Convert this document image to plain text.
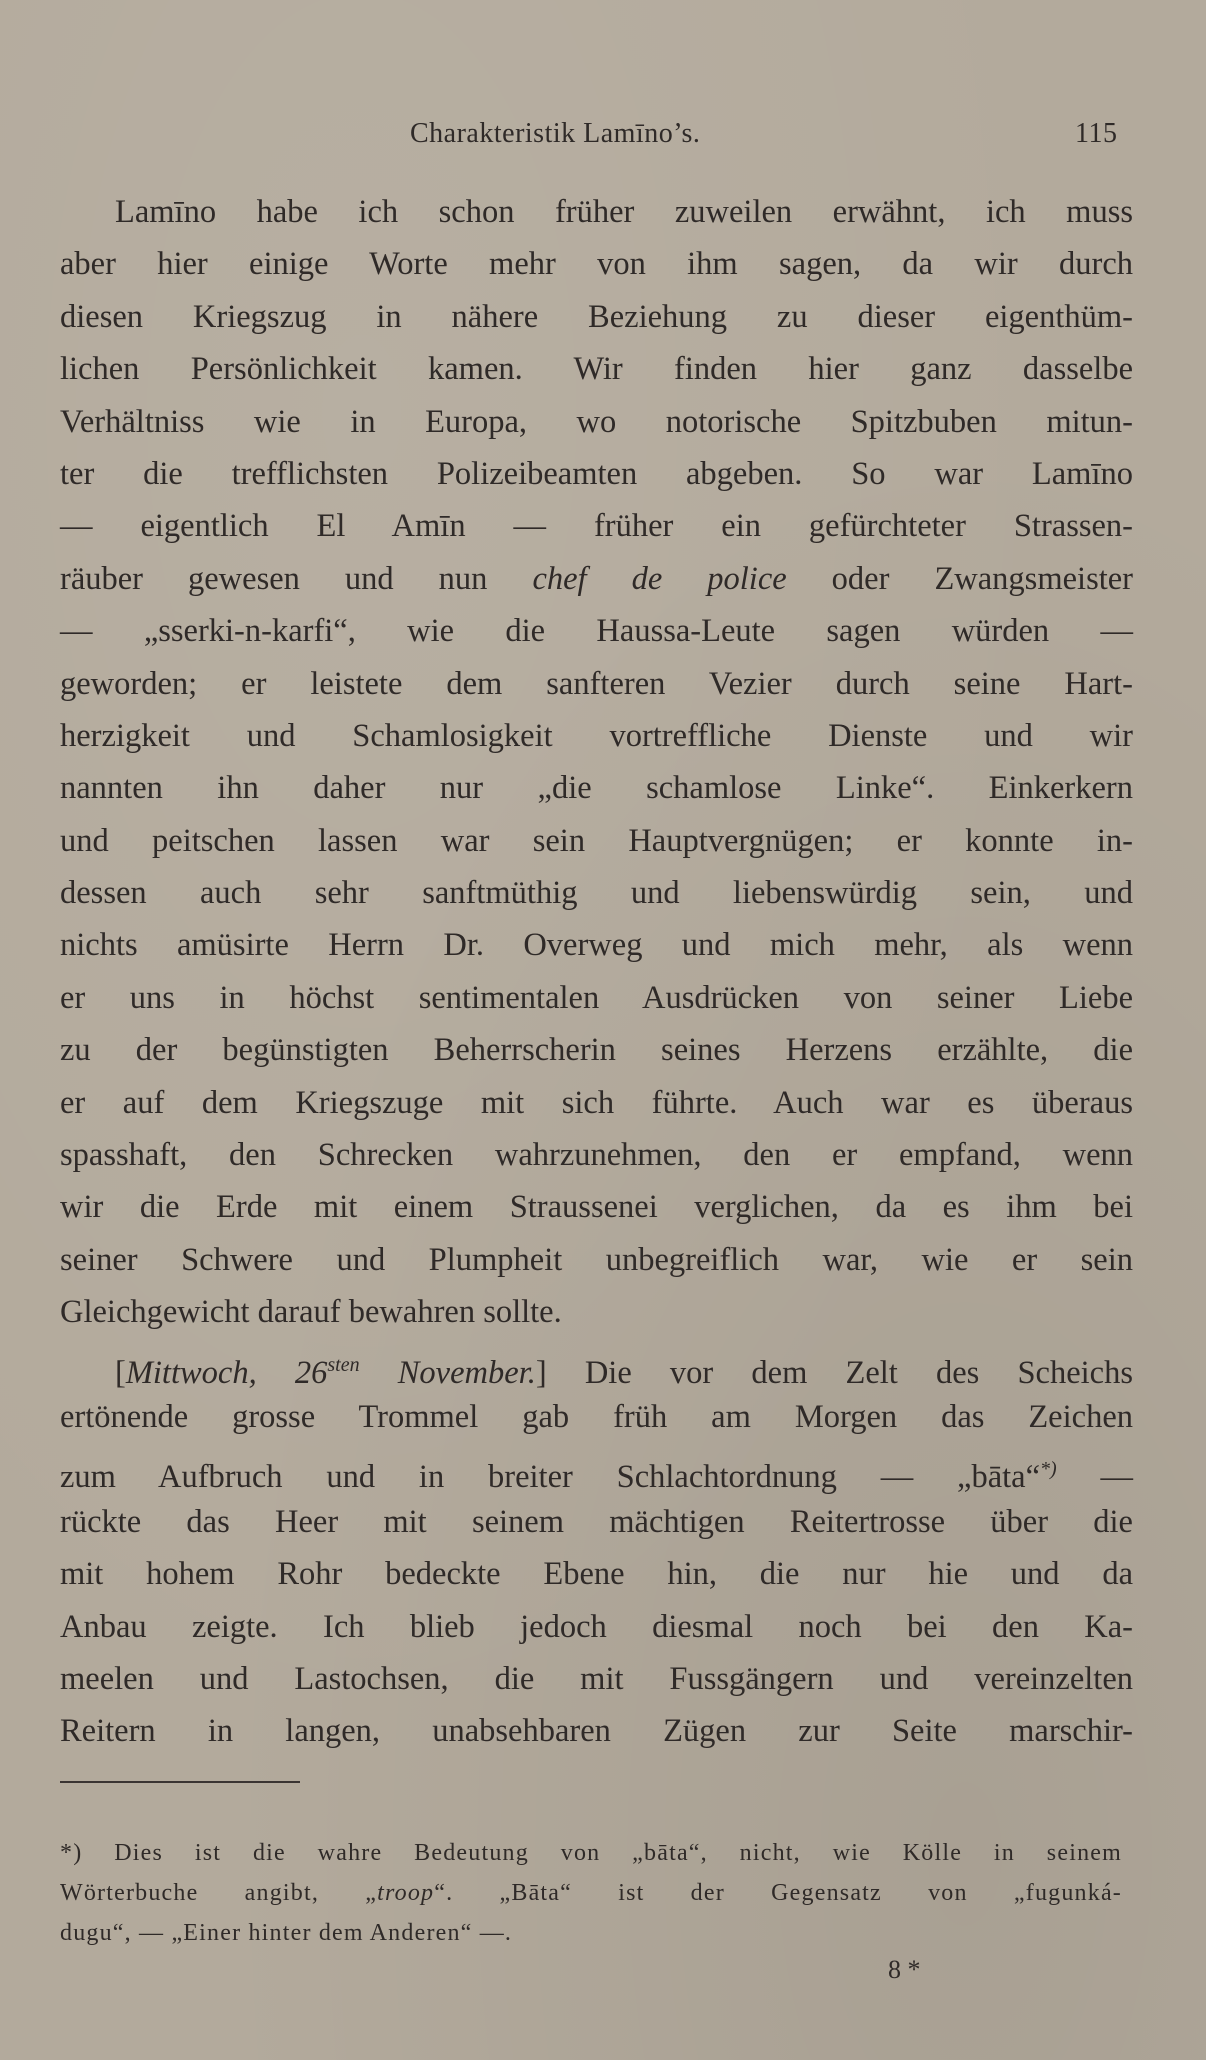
Charakteristik Lamīno’s.	115
Lamīno habe ich schon früher zuweilen erwähnt, ich muss
aber hier einige Worte mehr von ihm sagen, da wir durch
diesen Kriegszug in nähere Beziehung zu dieser eigenthüm-
lichen Persönlichkeit kamen. Wir finden hier ganz dasselbe
Verhältniss wie in Europa, wo notorische Spitzbuben mitun-
ter die trefflichsten Polizeibeamten abgeben. So war Lamīno
— eigentlich El Amīn — früher ein gefürchteter Strassen-
räuber gewesen und nun chef de police oder Zwangsmeister
— „sserki-n-karfi“, wie die Haussa-Leute sagen würden —
geworden; er leistete dem sanfteren Vezier durch seine Hart-
herzigkeit und Schamlosigkeit vortreffliche Dienste und wir
nannten ihn daher nur „die schamlose Linke“. Einkerkern
und peitschen lassen war sein Hauptvergnügen; er konnte in-
dessen auch sehr sanftmüthig und liebenswürdig sein, und
nichts amüsirte Herrn Dr. Overweg und mich mehr, als wenn
er uns in höchst sentimentalen Ausdrücken von seiner Liebe
zu der begünstigten Beherrscherin seines Herzens erzählte, die
er auf dem Kriegszuge mit sich führte. Auch war es überaus
spasshaft, den Schrecken wahrzunehmen, den er empfand, wenn
wir die Erde mit einem Straussenei verglichen, da es ihm bei
seiner Schwere und Plumpheit unbegreiflich war, wie er sein
Gleichgewicht darauf bewahren sollte.
[Mittwoch, $26^{sten}$ November.] Die vor dem Zelt des Scheichs
ertönende grosse Trommel gab früh am Morgen das Zeichen
zum Aufbruch und in breiter Schlachtordnung — „bāta“*) —
rückte das Heer mit seinem mächtigen Reitertrosse über die
mit hohem Rohr bedeckte Ebene hin, die nur hie und da
Anbau zeigte. Ich blieb jedoch diesmal noch bei den Ka-
meelen und Lastochsen, die mit Fussgängern und vereinzelten
Reitern in langen, unabsehbaren Zügen zur Seite marschir-
*) Dies ist die wahre Bedeutung von „bāta“, nicht, wie Kölle in seinem
Wörterbuche angibt, „troop“. „Bāta“ ist der Gegensatz von „fugunká-
dugu“, — „Einer hinter dem Anderen“ —.
8 *
